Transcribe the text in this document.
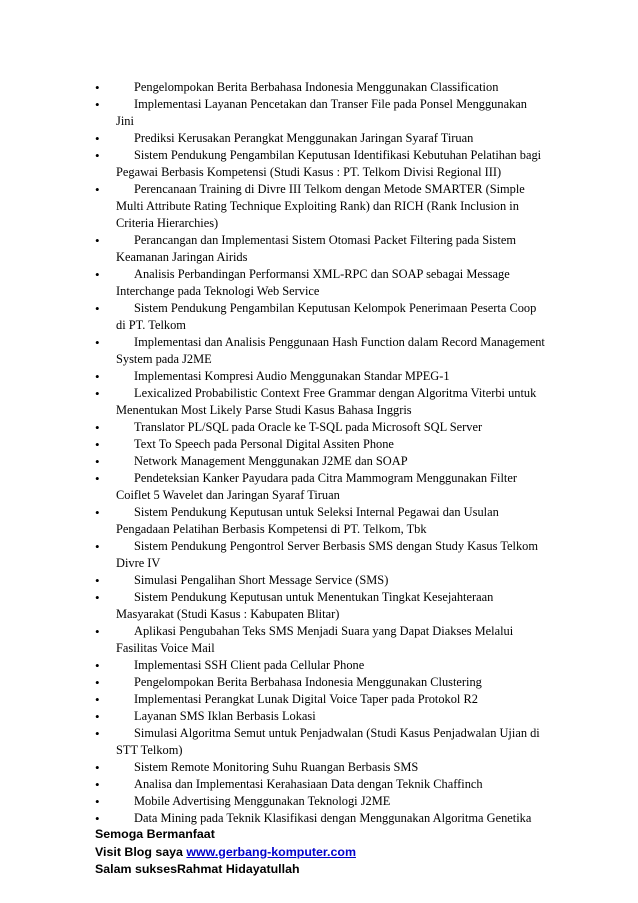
•
Pengelompokan Berita Berbahasa Indonesia Menggunakan Classification
•
Implementasi Layanan Pencetakan dan Transer File pada Ponsel Menggunakan Jini
•
Prediksi Kerusakan Perangkat Menggunakan Jaringan Syaraf Tiruan
•
Sistem Pendukung Pengambilan Keputusan Identifikasi Kebutuhan Pelatihan bagi Pegawai Berbasis Kompetensi (Studi Kasus : PT. Telkom Divisi Regional III)
•
Perencanaan Training di Divre III Telkom dengan Metode SMARTER (Simple Multi Attribute Rating Technique Exploiting Rank) dan RICH (Rank Inclusion in Criteria Hierarchies)
•
Perancangan dan Implementasi Sistem Otomasi Packet Filtering pada Sistem Keamanan Jaringan Airids
•
Analisis Perbandingan Performansi XML-RPC dan SOAP sebagai Message Interchange pada Teknologi Web Service
•
Sistem Pendukung Pengambilan Keputusan Kelompok Penerimaan Peserta Coop di PT. Telkom
•
Implementasi dan Analisis Penggunaan Hash Function dalam Record Management System pada J2ME
•
Implementasi Kompresi Audio Menggunakan Standar MPEG-1
•
Lexicalized Probabilistic Context Free Grammar dengan Algoritma Viterbi untuk Menentukan Most Likely Parse Studi Kasus Bahasa Inggris
•
Translator PL/SQL pada Oracle ke T-SQL pada Microsoft SQL Server
•
Text To Speech pada Personal Digital Assiten Phone
•
Network Management Menggunakan J2ME dan SOAP
•
Pendeteksian Kanker Payudara pada Citra Mammogram Menggunakan Filter Coiflet 5 Wavelet dan Jaringan Syaraf Tiruan
•
Sistem Pendukung Keputusan untuk Seleksi Internal Pegawai dan Usulan Pengadaan Pelatihan Berbasis Kompetensi di PT. Telkom, Tbk
•
Sistem Pendukung Pengontrol Server Berbasis SMS dengan Study Kasus Telkom Divre IV
•
Simulasi Pengalihan Short Message Service (SMS)
•
Sistem Pendukung Keputusan untuk Menentukan Tingkat Kesejahteraan Masyarakat (Studi Kasus : Kabupaten Blitar)
•
Aplikasi Pengubahan Teks SMS Menjadi Suara yang Dapat Diakses Melalui Fasilitas Voice Mail
•
Implementasi SSH Client pada Cellular Phone
•
Pengelompokan Berita Berbahasa Indonesia Menggunakan Clustering
•
Implementasi Perangkat Lunak Digital Voice Taper pada Protokol R2
•
Layanan SMS Iklan Berbasis Lokasi
•
Simulasi Algoritma Semut untuk Penjadwalan (Studi Kasus Penjadwalan Ujian di STT Telkom)
•
Sistem Remote Monitoring Suhu Ruangan Berbasis SMS
•
Analisa dan Implementasi Kerahasiaan Data dengan Teknik Chaffinch
•
Mobile Advertising Menggunakan Teknologi J2ME
•
Data Mining pada Teknik Klasifikasi dengan Menggunakan Algoritma Genetika
Semoga Bermanfaat
Visit Blog saya www.gerbang-komputer.com
Salam suksesRahmat Hidayatullah
